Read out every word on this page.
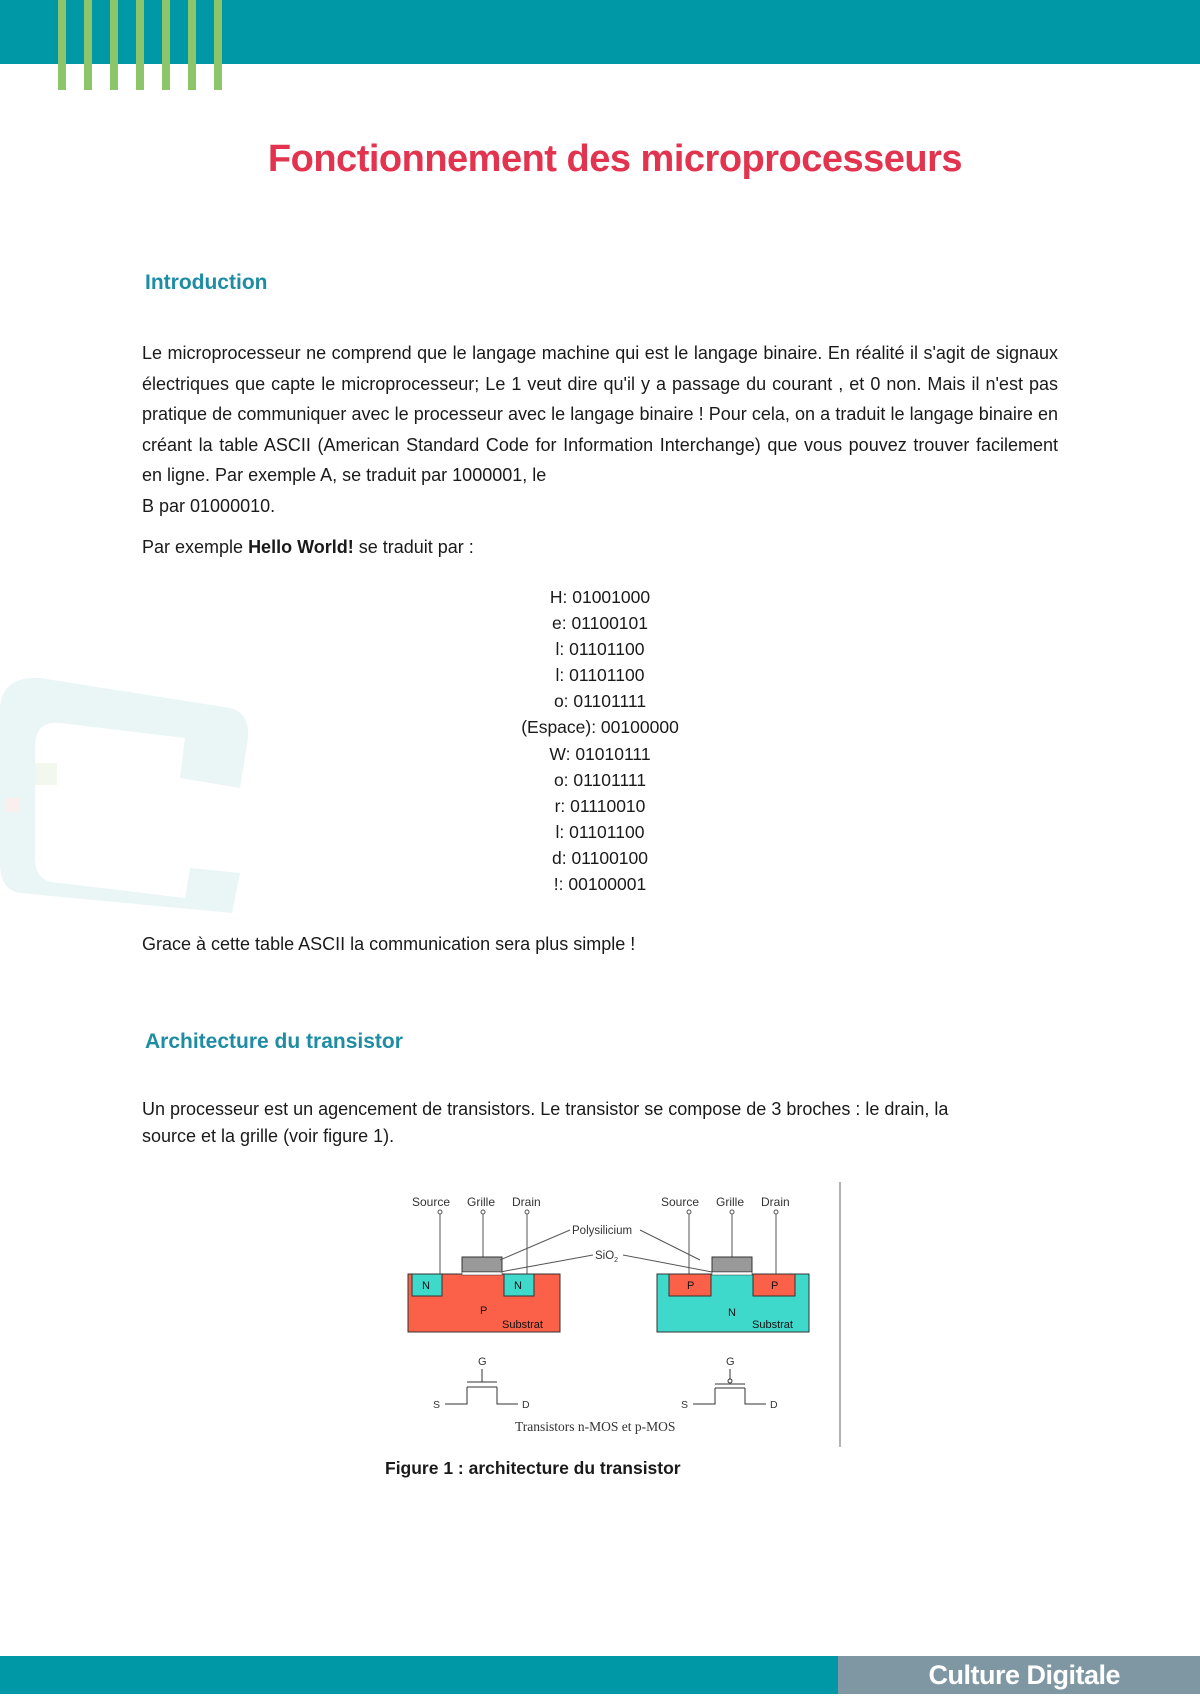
Fonctionnement des microprocesseurs
Introduction
Le microprocesseur ne comprend que le langage machine qui est le langage binaire. En réalité il s'agit de signaux électriques que capte le microprocesseur; Le 1 veut dire qu'il y a passage du courant , et 0 non. Mais il n'est pas pratique de communiquer avec le processeur avec le langage binaire ! Pour cela, on a traduit le langage binaire en créant la table ASCII (American Standard Code for Information Interchange) que vous pouvez trouver facilement en ligne. Par exemple A, se traduit par 1000001, le
B par 01000010.
Par exemple Hello World! se traduit par :
H: 01001000
e: 01100101
l: 01101100
l: 01101100
o: 01101111
(Espace): 00100000
W: 01010111
o: 01101111
r: 01110010
l: 01101100
d: 01100100
!: 00100001
Grace à cette table ASCII la communication sera plus simple !
Architecture du transistor
Un processeur est un agencement de transistors. Le transistor se compose de 3 broches : le drain, la
source et la grille (voir figure 1).
Source Grille Drain
N	N
P
Substrat
Polysilicium
SiO$_2$
Source Grille Drain
P	P
N
Substrat
G
S	D
G
S	D
Transistors n-MOS et p-MOS
Figure 1 : architecture du transistor
Culture Digitale
